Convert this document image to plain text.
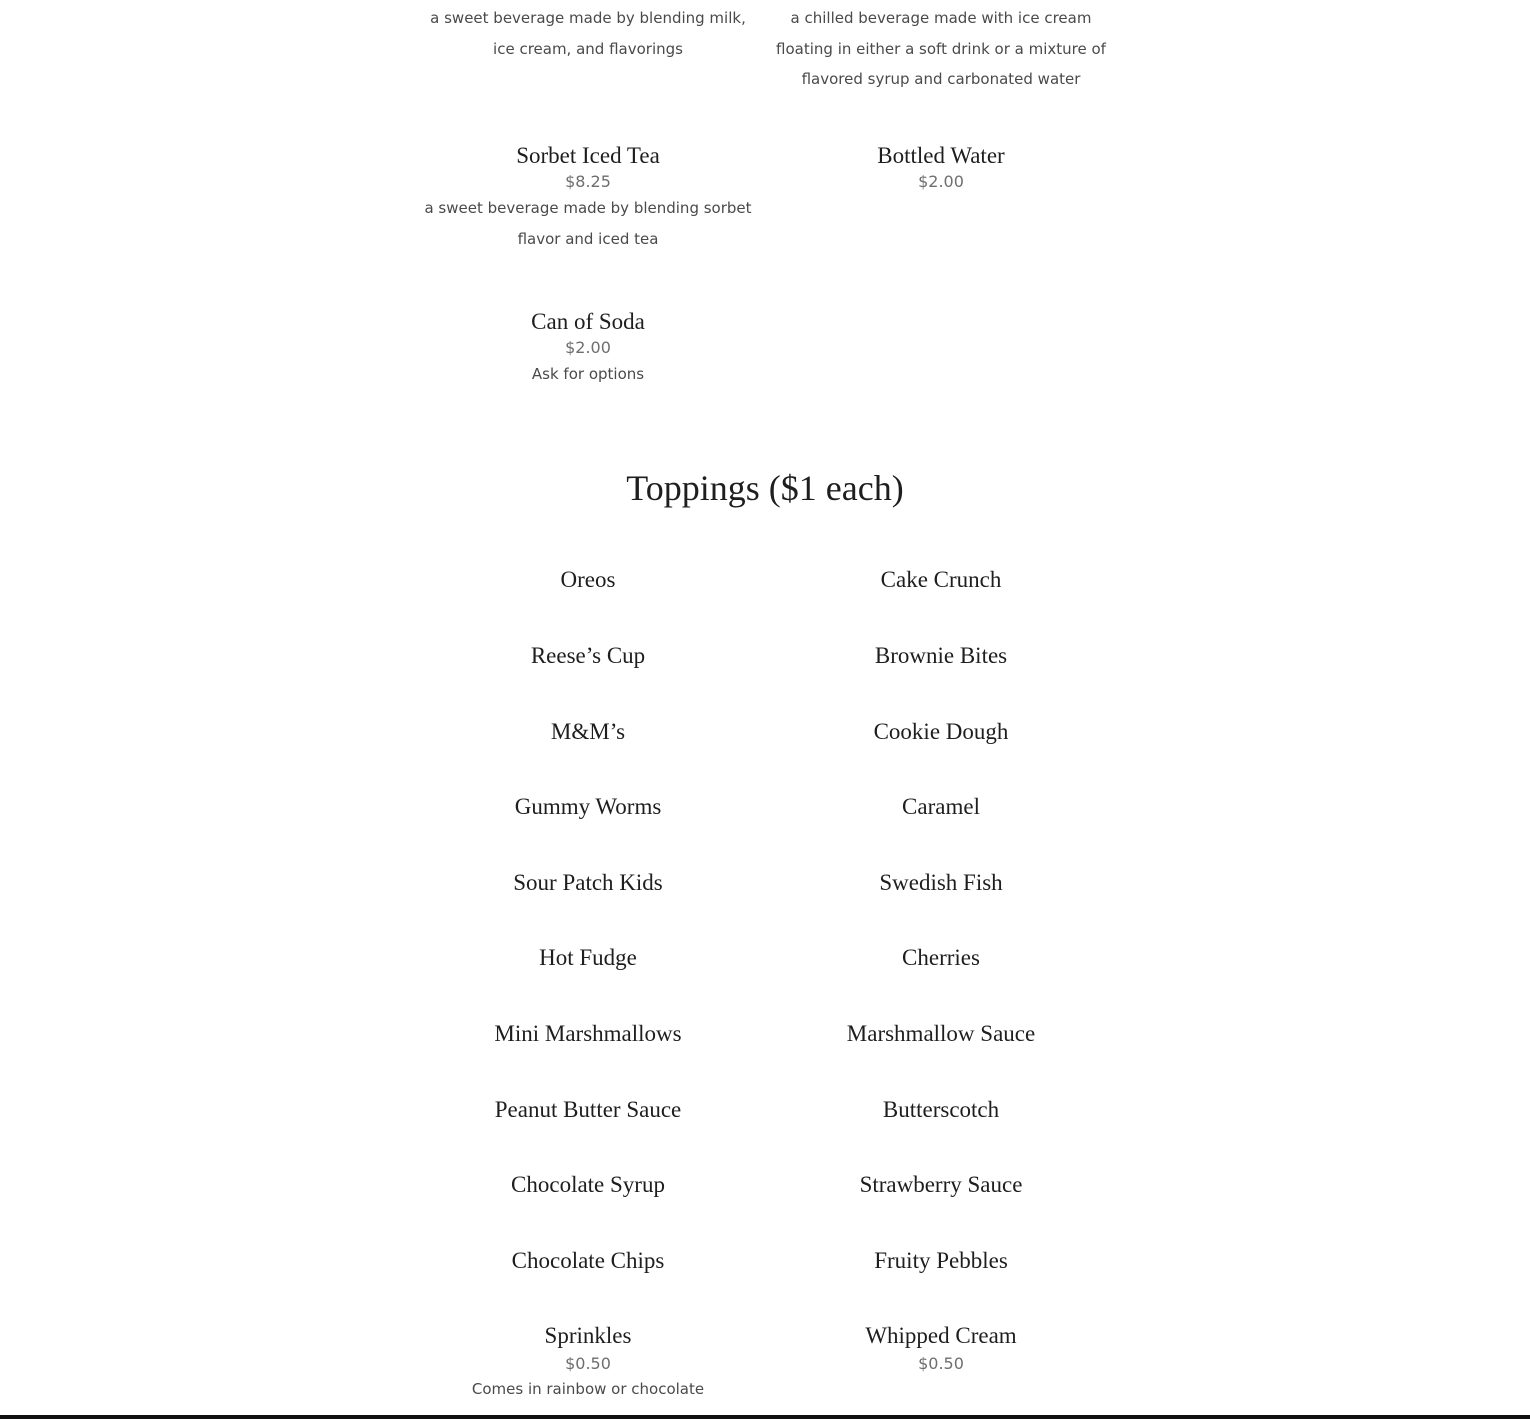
a sweet beverage made by blending milk, ice cream, and flavorings
a chilled beverage made with ice cream floating in either a soft drink or a mixture of flavored syrup and carbonated water
Sorbet Iced Tea
$8.25
a sweet beverage made by blending sorbet flavor and iced tea
Bottled Water
$2.00
Can of Soda
$2.00
Ask for options
Toppings ($1 each)
Oreos	Cake Crunch
Reese’s Cup	Brownie Bites
M&M’s	Cookie Dough
Gummy Worms	Caramel
Sour Patch Kids	Swedish Fish
Hot Fudge	Cherries
Mini Marshmallows	Marshmallow Sauce
Peanut Butter Sauce	Butterscotch
Chocolate Syrup	Strawberry Sauce
Chocolate Chips	Fruity Pebbles
Sprinkles
$0.50
Comes in rainbow or chocolate
Whipped Cream
$0.50
